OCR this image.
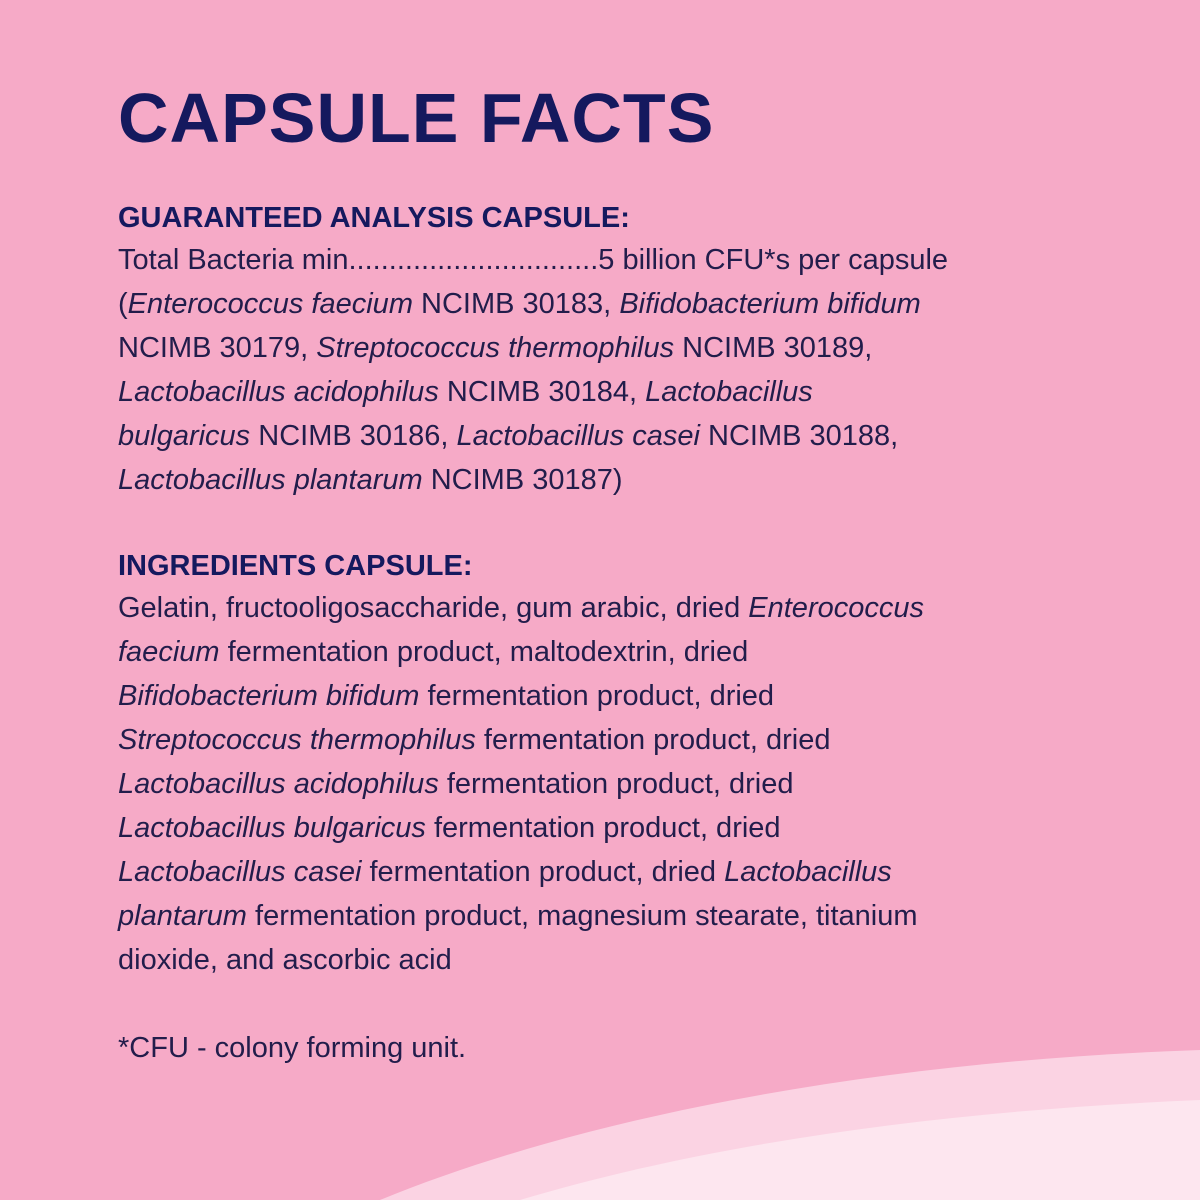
CAPSULE FACTS
GUARANTEED ANALYSIS CAPSULE:
Total Bacteria min...............................5 billion CFU*s per capsule
(Enterococcus faecium NCIMB 30183, Bifidobacterium bifidum
NCIMB 30179, Streptococcus thermophilus NCIMB 30189,
Lactobacillus acidophilus NCIMB 30184, Lactobacillus
bulgaricus NCIMB 30186, Lactobacillus casei NCIMB 30188,
Lactobacillus plantarum NCIMB 30187)
INGREDIENTS CAPSULE:
Gelatin, fructooligosaccharide, gum arabic, dried Enterococcus
faecium fermentation product, maltodextrin, dried
Bifidobacterium bifidum fermentation product, dried
Streptococcus thermophilus fermentation product, dried
Lactobacillus acidophilus fermentation product, dried
Lactobacillus bulgaricus fermentation product, dried
Lactobacillus casei fermentation product, dried Lactobacillus
plantarum fermentation product, magnesium stearate, titanium
dioxide, and ascorbic acid
*CFU - colony forming unit.
